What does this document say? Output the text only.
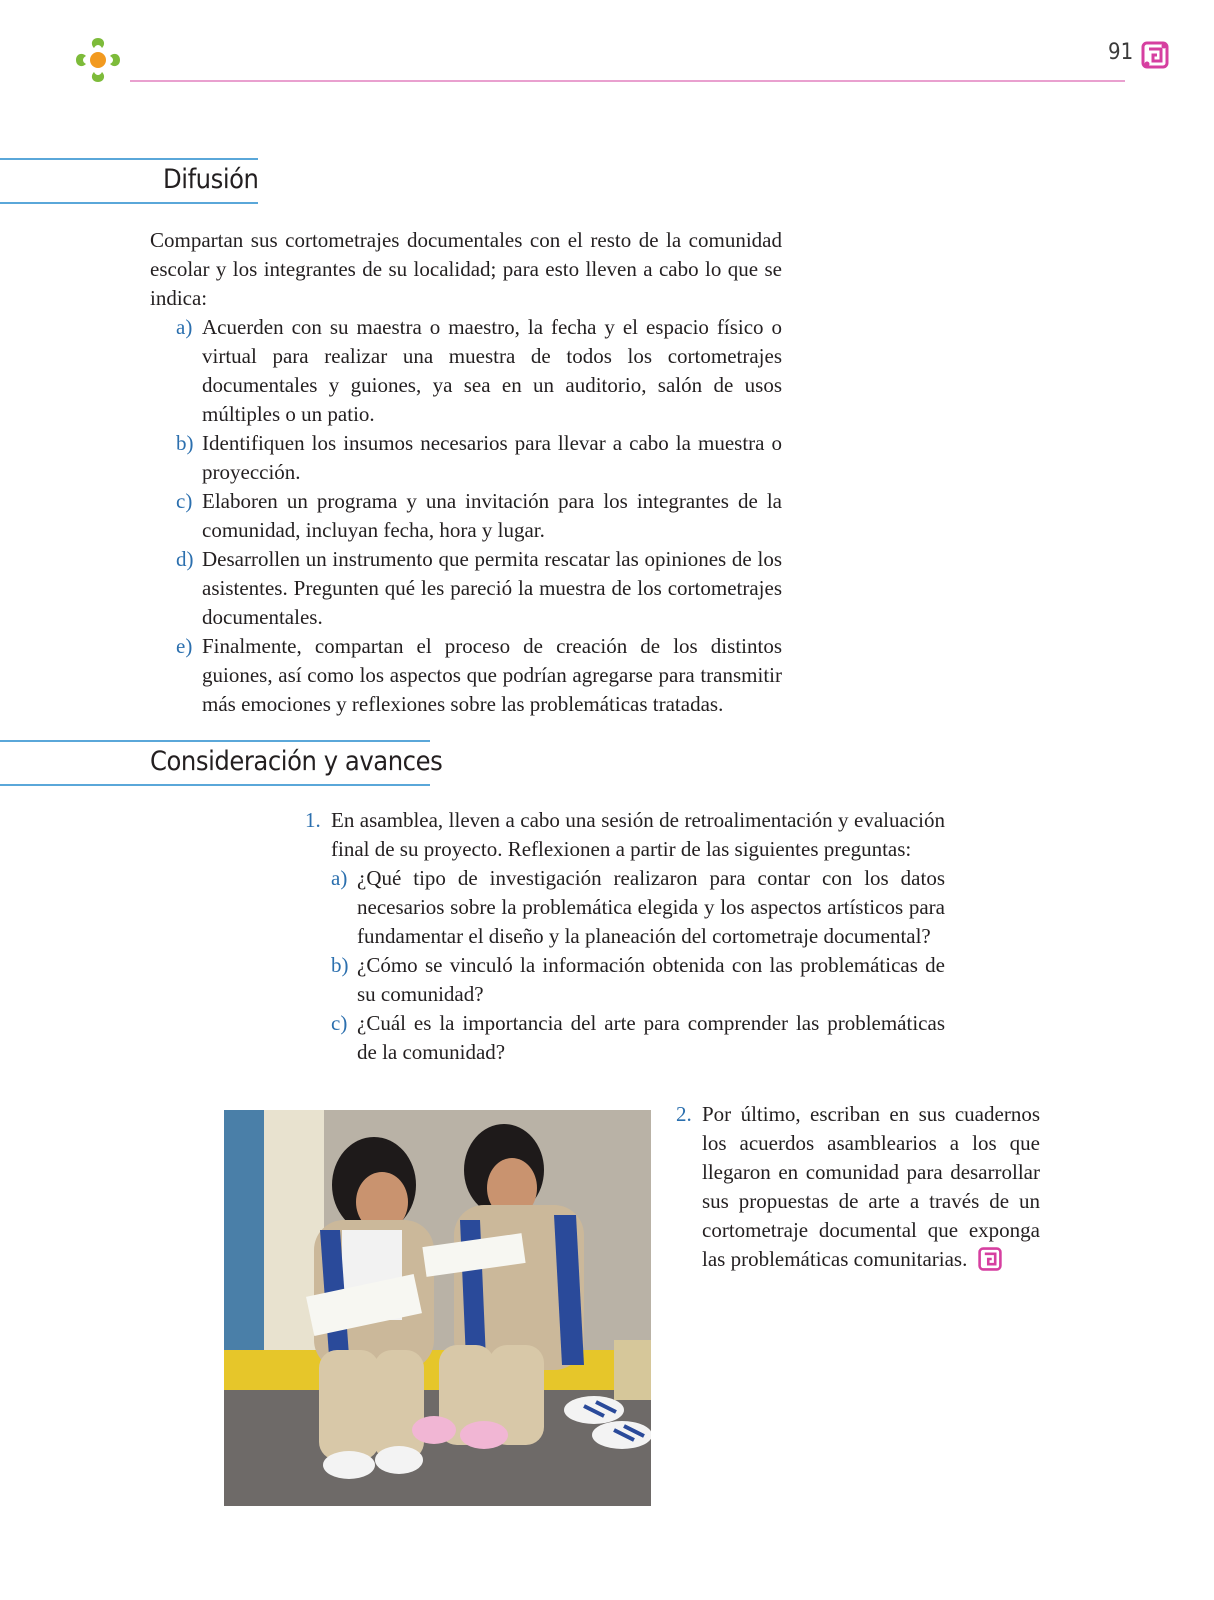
91
Difusión
Compartan sus cortometrajes documentales con el resto de la comunidad escolar y los integrantes de su localidad; para esto lleven a cabo lo que se indica:
a) Acuerden con su maestra o maestro, la fecha y el espacio físico o virtual para realizar una muestra de todos los cortometrajes documentales y guiones, ya sea en un auditorio, salón de usos múltiples o un patio.
b) Identifiquen los insumos necesarios para llevar a cabo la muestra o proyección.
c) Elaboren un programa y una invitación para los integrantes de la comunidad, incluyan fecha, hora y lugar.
d) Desarrollen un instrumento que permita rescatar las opiniones de los asistentes. Pregunten qué les pareció la muestra de los cortometrajes documentales.
e) Finalmente, compartan el proceso de creación de los distintos guiones, así como los aspectos que podrían agregarse para transmitir más emociones y reflexiones sobre las problemáticas tratadas.
Consideración y avances
1. En asamblea, lleven a cabo una sesión de retroalimentación y evaluación final de su proyecto. Reflexionen a partir de las siguientes preguntas:
a) ¿Qué tipo de investigación realizaron para contar con los datos necesarios sobre la problemática elegida y los aspectos artísticos para fundamentar el diseño y la planeación del cortometraje documental?
b) ¿Cómo se vinculó la información obtenida con las problemáticas de su comunidad?
c) ¿Cuál es la importancia del arte para comprender las problemáticas de la comunidad?
2. Por último, escriban en sus cuadernos los acuerdos asamblearios a los que llegaron en comunidad para desarrollar sus propuestas de arte a través de un cortometraje documental que exponga las problemáticas comunitarias.
